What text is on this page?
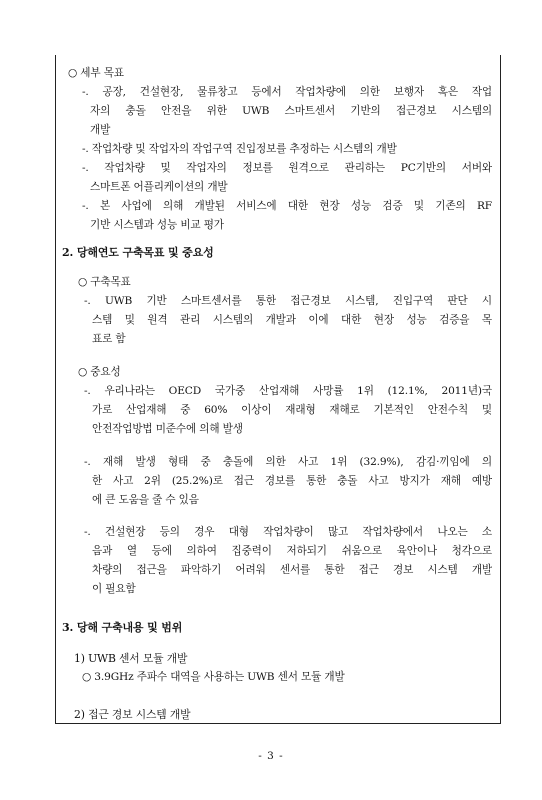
○ 세부 목표
-. 공장, 건설현장, 물류창고 등에서 작업차량에 의한 보행자 혹은 작업
자의 충돌 안전을 위한 UWB 스마트센서 기반의 접근경보 시스템의
개발
-. 작업차량 및 작업자의 작업구역 진입정보를 추정하는 시스템의 개발
-. 작업차량 및 작업자의 정보를 원격으로 관리하는 PC기반의 서버와
스마트폰 어플리케이션의 개발
-. 본 사업에 의해 개발된 서비스에 대한 현장 성능 검증 및 기존의 RF
기반 시스템과 성능 비교 평가
2. 당해연도 구축목표 및 중요성
○ 구축목표
-. UWB 기반 스마트센서를 통한 접근경보 시스템, 진입구역 판단 시
스템 및 원격 관리 시스템의 개발과 이에 대한 현장 성능 검증을 목
표로 함
○ 중요성
-. 우리나라는 OECD 국가중 산업재해 사망률 1위 (12.1%, 2011년)국
가로 산업재해 중 60% 이상이 재래형 재해로 기본적인 안전수칙 및
안전작업방법 미준수에 의해 발생
-. 재해 발생 형태 중 충돌에 의한 사고 1위 (32.9%), 감김·끼임에 의
한 사고 2위 (25.2%)로 접근 경보를 통한 충돌 사고 방지가 재해 예방
에 큰 도움을 줄 수 있음
-. 건설현장 등의 경우 대형 작업차량이 많고 작업차량에서 나오는 소
음과 열 등에 의하여 집중력이 저하되기 쉬움으로 육안이나 청각으로
차량의 접근을 파악하기 어려워 센서를 통한 접근 경보 시스템 개발
이 필요함
3. 당해 구축내용 및 범위
1) UWB 센서 모듈 개발
○ 3.9GHz 주파수 대역을 사용하는 UWB 센서 모듈 개발
2) 접근 경보 시스템 개발
- 3 -
